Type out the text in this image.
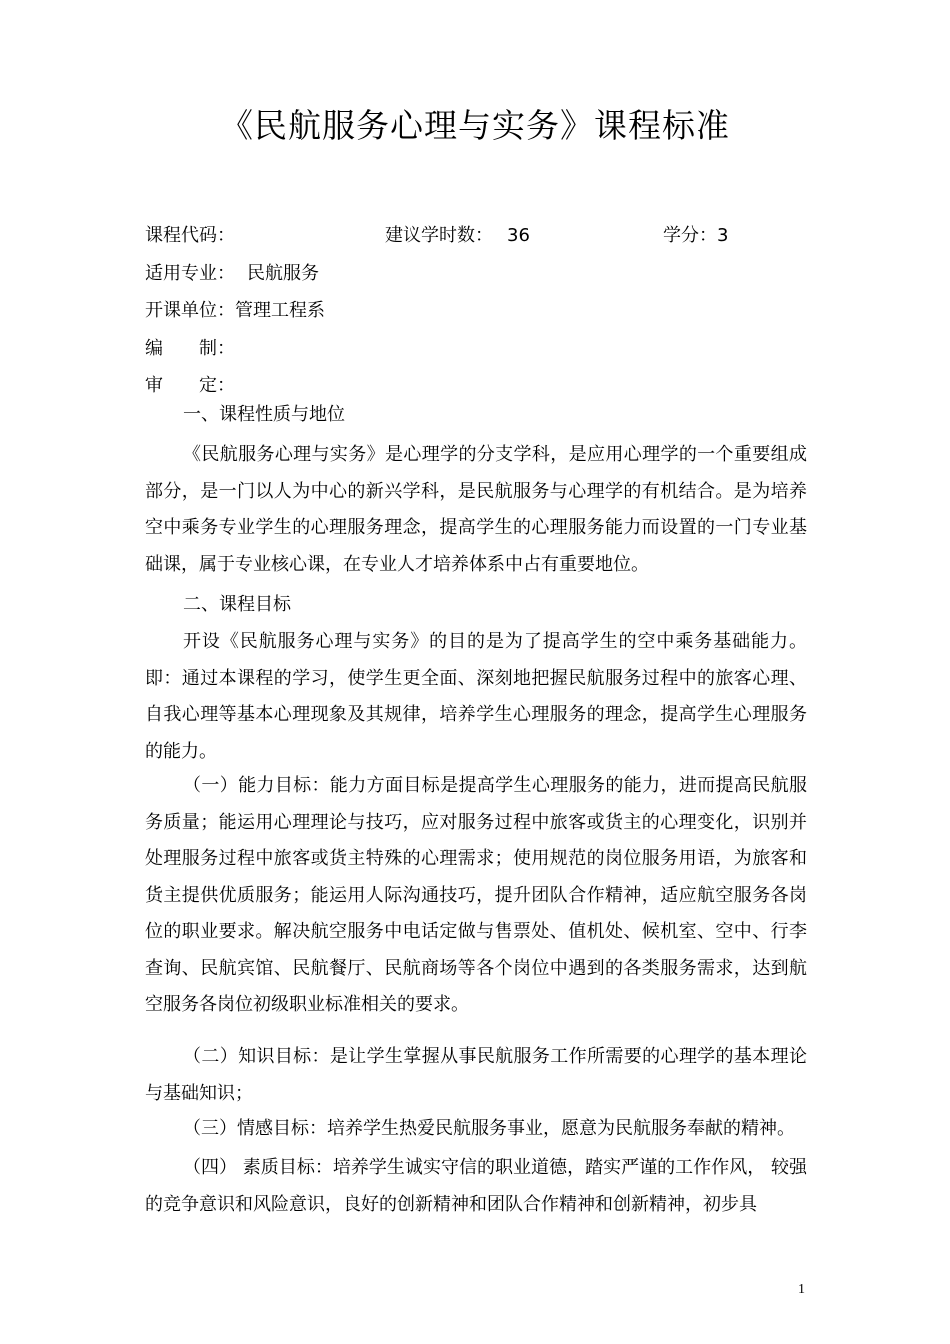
《民航服务心理与实务》课程标准
课程代码：	建议学时数： 36	学分：3
适用专业： 民航服务
开课单位：管理工程系
编　　制：
审　　定：
一、课程性质与地位

《民航服务心理与实务》是心理学的分支学科，是应用心理学的一个重要组成部分，是一门以人为中心的新兴学科，是民航服务与心理学的有机结合。是为培养空中乘务专业学生的心理服务理念，提高学生的心理服务能力而设置的一门专业基础课，属于专业核心课，在专业人才培养体系中占有重要地位。

二、课程目标

开设《民航服务心理与实务》的目的是为了提高学生的空中乘务基础能力。即：通过本课程的学习，使学生更全面、深刻地把握民航服务过程中的旅客心理、自我心理等基本心理现象及其规律，培养学生心理服务的理念，提高学生心理服务的能力。

（一）能力目标：能力方面目标是提高学生心理服务的能力，进而提高民航服务质量；能运用心理理论与技巧，应对服务过程中旅客或货主的心理变化，识别并处理服务过程中旅客或货主特殊的心理需求；使用规范的岗位服务用语，为旅客和货主提供优质服务；能运用人际沟通技巧，提升团队合作精神，适应航空服务各岗位的职业要求。解决航空服务中电话定做与售票处、值机处、候机室、空中、行李查询、民航宾馆、民航餐厅、民航商场等各个岗位中遇到的各类服务需求，达到航空服务各岗位初级职业标准相关的要求。

（二）知识目标：是让学生掌握从事民航服务工作所需要的心理学的基本理论与基础知识；

（三）情感目标：培养学生热爱民航服务事业，愿意为民航服务奉献的精神。

（四） 素质目标：培养学生诚实守信的职业道德，踏实严谨的工作作风， 较强的竞争意识和风险意识，良好的创新精神和团队合作精神和创新精神，初步具

1
